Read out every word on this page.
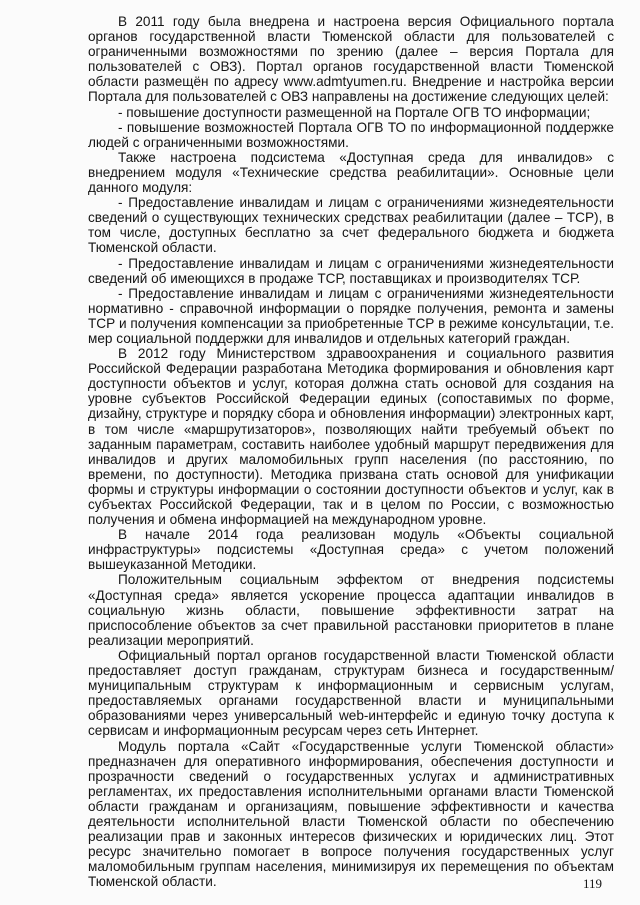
В 2011 году была внедрена и настроена версия Официального портала органов государственной власти Тюменской области для пользователей с ограниченными возможностями по зрению (далее – версия Портала для пользователей с ОВЗ). Портал органов государственной власти Тюменской области размещён по адресу www.admtyumen.ru. Внедрение и настройка версии Портала для пользователей с ОВЗ направлены на достижение следующих целей:

- повышение доступности размещенной на Портале ОГВ ТО информации;

- повышение возможностей Портала ОГВ ТО по информационной поддержке людей с ограниченными возможностями.

Также настроена подсистема «Доступная среда для инвалидов» с внедрением модуля «Технические средства реабилитации». Основные цели данного модуля:

- Предоставление инвалидам и лицам с ограничениями жизнедеятельности сведений о существующих технических средствах реабилитации (далее – ТСР), в том числе, доступных бесплатно за счет федерального бюджета и бюджета Тюменской области.

- Предоставление инвалидам и лицам с ограничениями жизнедеятельности сведений об имеющихся в продаже ТСР, поставщиках и производителях ТСР.

- Предоставление инвалидам и лицам с ограничениями жизнедеятельности нормативно - справочной информации о порядке получения, ремонта и замены ТСР и получения компенсации за приобретенные ТСР в режиме консультации, т.е. мер социальной поддержки для инвалидов и отдельных категорий граждан.

В 2012 году Министерством здравоохранения и социального развития Российской Федерации разработана Методика формирования и обновления карт доступности объектов и услуг, которая должна стать основой для создания на уровне субъектов Российской Федерации единых (сопоставимых по форме, дизайну, структуре и порядку сбора и обновления информации) электронных карт, в том числе «маршрутизаторов», позволяющих найти требуемый объект по заданным параметрам, составить наиболее удобный маршрут передвижения для инвалидов и других маломобильных групп населения (по расстоянию, по времени, по доступности). Методика призвана стать основой для унификации формы и структуры информации о состоянии доступности объектов и услуг, как в субъектах Российской Федерации, так и в целом по России, с возможностью получения и обмена информацией на международном уровне.

В начале 2014 года реализован модуль «Объекты социальной инфраструктуры» подсистемы «Доступная среда» с учетом положений вышеуказанной Методики.

Положительным социальным эффектом от внедрения подсистемы «Доступная среда» является ускорение процесса адаптации инвалидов в социальную жизнь области, повышение эффективности затрат на приспособление объектов за счет правильной расстановки приоритетов в плане реализации мероприятий.

Официальный портал органов государственной власти Тюменской области предоставляет доступ гражданам, структурам бизнеса и государственным/муниципальным структурам к информационным и сервисным услугам, предоставляемых органами государственной власти и муниципальными образованиями через универсальный web-интерфейс и единую точку доступа к сервисам и информационным ресурсам через сеть Интернет.

Модуль портала «Сайт «Государственные услуги Тюменской области» предназначен для оперативного информирования, обеспечения доступности и прозрачности сведений о государственных услугах и административных регламентах, их предоставления исполнительными органами власти Тюменской области гражданам и организациям, повышение эффективности и качества деятельности исполнительной власти Тюменской области по обеспечению реализации прав и законных интересов физических и юридических лиц. Этот ресурс значительно помогает в вопросе получения государственных услуг маломобильным группам населения, минимизируя их перемещения по объектам Тюменской области.	119
